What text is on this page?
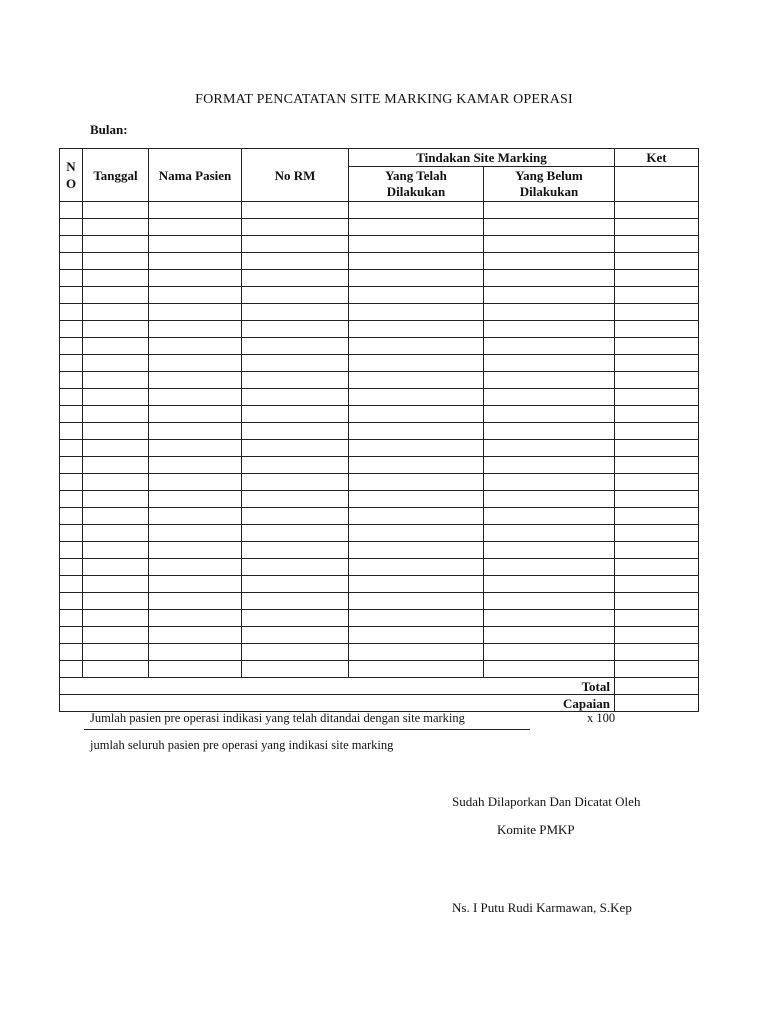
FORMAT PENCATATAN SITE MARKING KAMAR OPERASI
Bulan:
N O	Tanggal	Nama Pasien	No RM	Tindakan Site Marking		Ket

				Yang Telah Dilakukan	Yang Belum Dilakukan	

Total						
Capaian						
Jumlah pasien pre operasi indikasi yang telah ditandai dengan site marking	x 100
jumlah seluruh pasien pre operasi yang indikasi site marking
Sudah Dilaporkan Dan Dicatat Oleh
Komite PMKP
Ns. I Putu Rudi Karmawan, S.Kep
